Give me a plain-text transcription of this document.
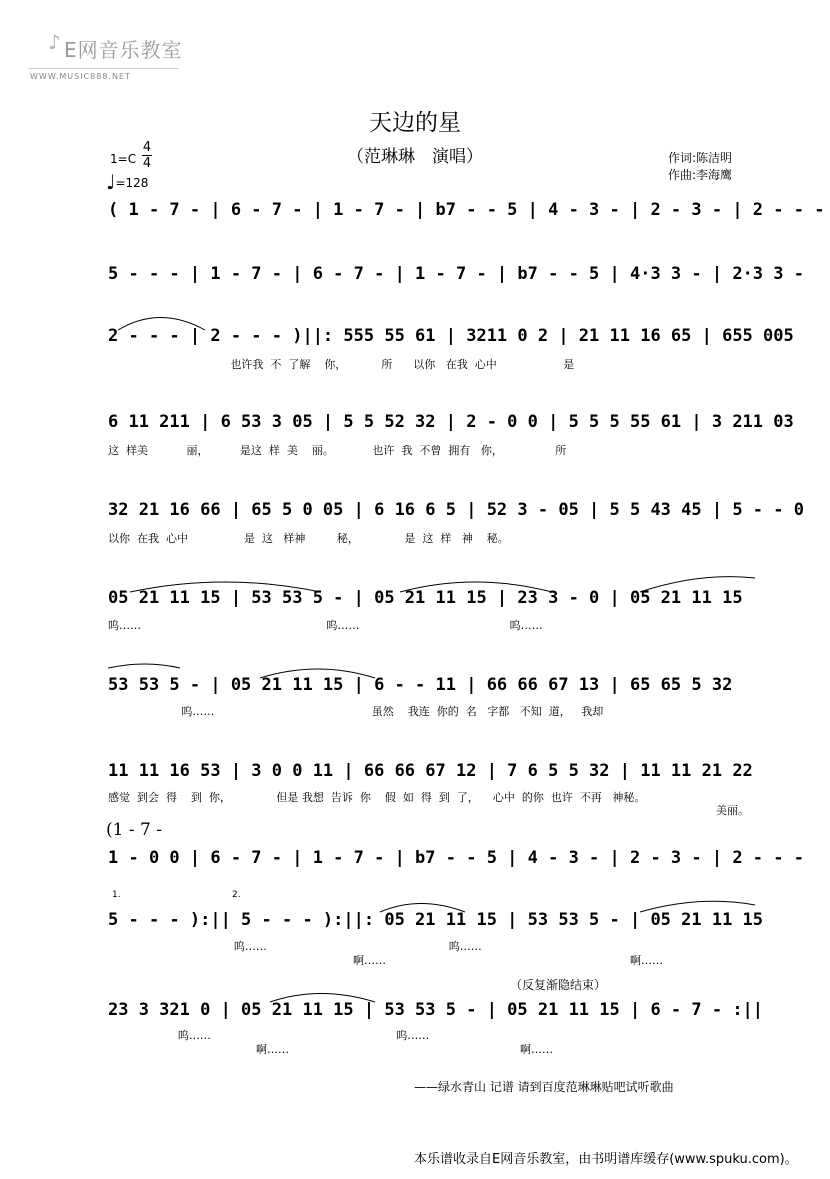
♪ E网音乐教室
WWW.MUSIC888.NET
天边的星
（范琳琳　演唱）
1=C
4
4
♩=128
作词:陈洁明
作曲:李海鹰
( 1 - 7 - | 6 - 7 - | 1 - 7 - | b7 - - 5 | 4 - 3 - | 2 - 3 - | 2 - - -
5 - - - | 1 - 7 - | 6 - 7 - | 1 - 7 - | b7 - - 5 | 4·3 3 - | 2·3 3 -
2 - - - | 2 - - - )||: 555 55 61 | 3211 0 2 | 21 11 16 65 | 655 005
也许我  不  了解    你，          所      以你   在我  心中                   是
6 11 211 | 6 53 3 05 | 5 5 52 32 | 2 - 0 0 | 5 5 5 55 61 | 3 211 03
这  样美           丽，         是这  样  美    丽。           也许  我  不曾  拥有   你，               所
32 21 16 66 | 65 5 0 05 | 6 16 6 5 | 52 3 - 05 | 5 5 43 45 | 5 - - 0
以你  在我  心中                是  这   样神         秘，             是  这  样   神    秘。
05 21 11 15 | 53 53 5 - | 05 21 11 15 | 23 3 - 0 | 05 21 11 15
呜……                                                     呜……                                           呜……
53 53 5 - | 05 21 11 15 | 6 - - 11 | 66 66 67 13 | 65 65 5 32
呜……                                             虽然    我连  你的  名   字都   不知  道，   我却
11 11 16 53 | 3 0 0 11 | 66 66 67 12 | 7 6 5 5 32 | 11 11 21 22
感觉  到会  得    到  你，             但是 我想  告诉  你    假  如  得  到  了，    心中  的你  也许  不再   神秘。
美丽。
(1 - 7 -
1 - 0 0 | 6 - 7 - | 1 - 7 - | b7 - - 5 | 4 - 3 - | 2 - 3 - | 2 - - -
1.	2.
5 - - - ):|| 5 - - - ):||: 05 21 11 15 | 53 53 5 - | 05 21 11 15
呜……                                                    呜……
啊……	啊……
（反复渐隐结束）
23 3 321 0 | 05 21 11 15 | 53 53 5 - | 05 21 11 15 | 6 - 7 - :||
呜……                                                     呜……
啊……	啊……
——绿水青山 记谱 请到百度范琳琳贴吧试听歌曲
本乐谱收录自E网音乐教室，由书明谱库缓存(www.spuku.com)。
